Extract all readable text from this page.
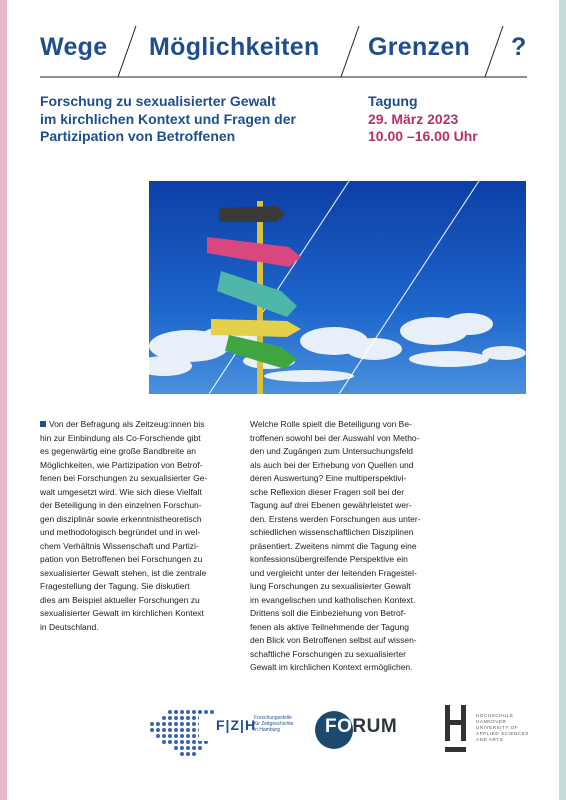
Wege Möglichkeiten Grenzen ?
Forschung zu sexualisierter Gewalt
im kirchlichen Kontext und Fragen der
Partizipation von Betroffenen
Tagung
29. März 2023
10.00 –16.00 Uhr
Von der Befragung als Zeitzeug:innen bis
hin zur Einbindung als Co-Forschende gibt
es gegenwärtig eine große Bandbreite an
Möglichkeiten, wie Partizipation von Betrof-
fenen bei Forschungen zu sexualisierter Ge-
walt umgesetzt wird. Wie sich diese Vielfalt
der Beteiligung in den einzelnen Forschun-
gen disziplinär sowie erkenntnistheoretisch
und methodologisch begründet und in wel-
chem Verhältnis Wissenschaft und Partizi-
pation von Betroffenen bei Forschungen zu
sexualisierter Gewalt stehen, ist die zentrale
Fragestellung der Tagung. Sie diskutiert
dies am Beispiel aktueller Forschungen zu
sexualisierter Gewalt im kirchlichen Kontext
in Deutschland.
Welche Rolle spielt die Beteiligung von Be-
troffenen sowohl bei der Auswahl von Metho-
den und Zugängen zum Untersuchungsfeld
als auch bei der Erhebung von Quellen und
deren Auswertung? Eine multiperspektivi-
sche Reflexion dieser Fragen soll bei der
Tagung auf drei Ebenen gewährleistet wer-
den. Erstens werden Forschungen aus unter-
schiedlichen wissenschaftlichen Disziplinen
präsentiert. Zweitens nimmt die Tagung eine
konfessionsübergreifende Perspektive ein
und vergleicht unter der leitenden Fragestel-
lung Forschungen zu sexualisierter Gewalt
im evangelischen und katholischen Kontext.
Drittens soll die Einbeziehung von Betrof-
fenen als aktive Teilnehmende der Tagung
den Blick von Betroffenen selbst auf wissen-
schaftliche Forschungen zu sexualisierter
Gewalt im kirchlichen Kontext ermöglichen.
F|Z|H
Forschungsstelle
für Zeitgeschichte
in Hamburg	FORUM
HOCHSCHULE
HANNOVER
UNIVERSITY OF
APPLIED SCIENCES
AND ARTS
